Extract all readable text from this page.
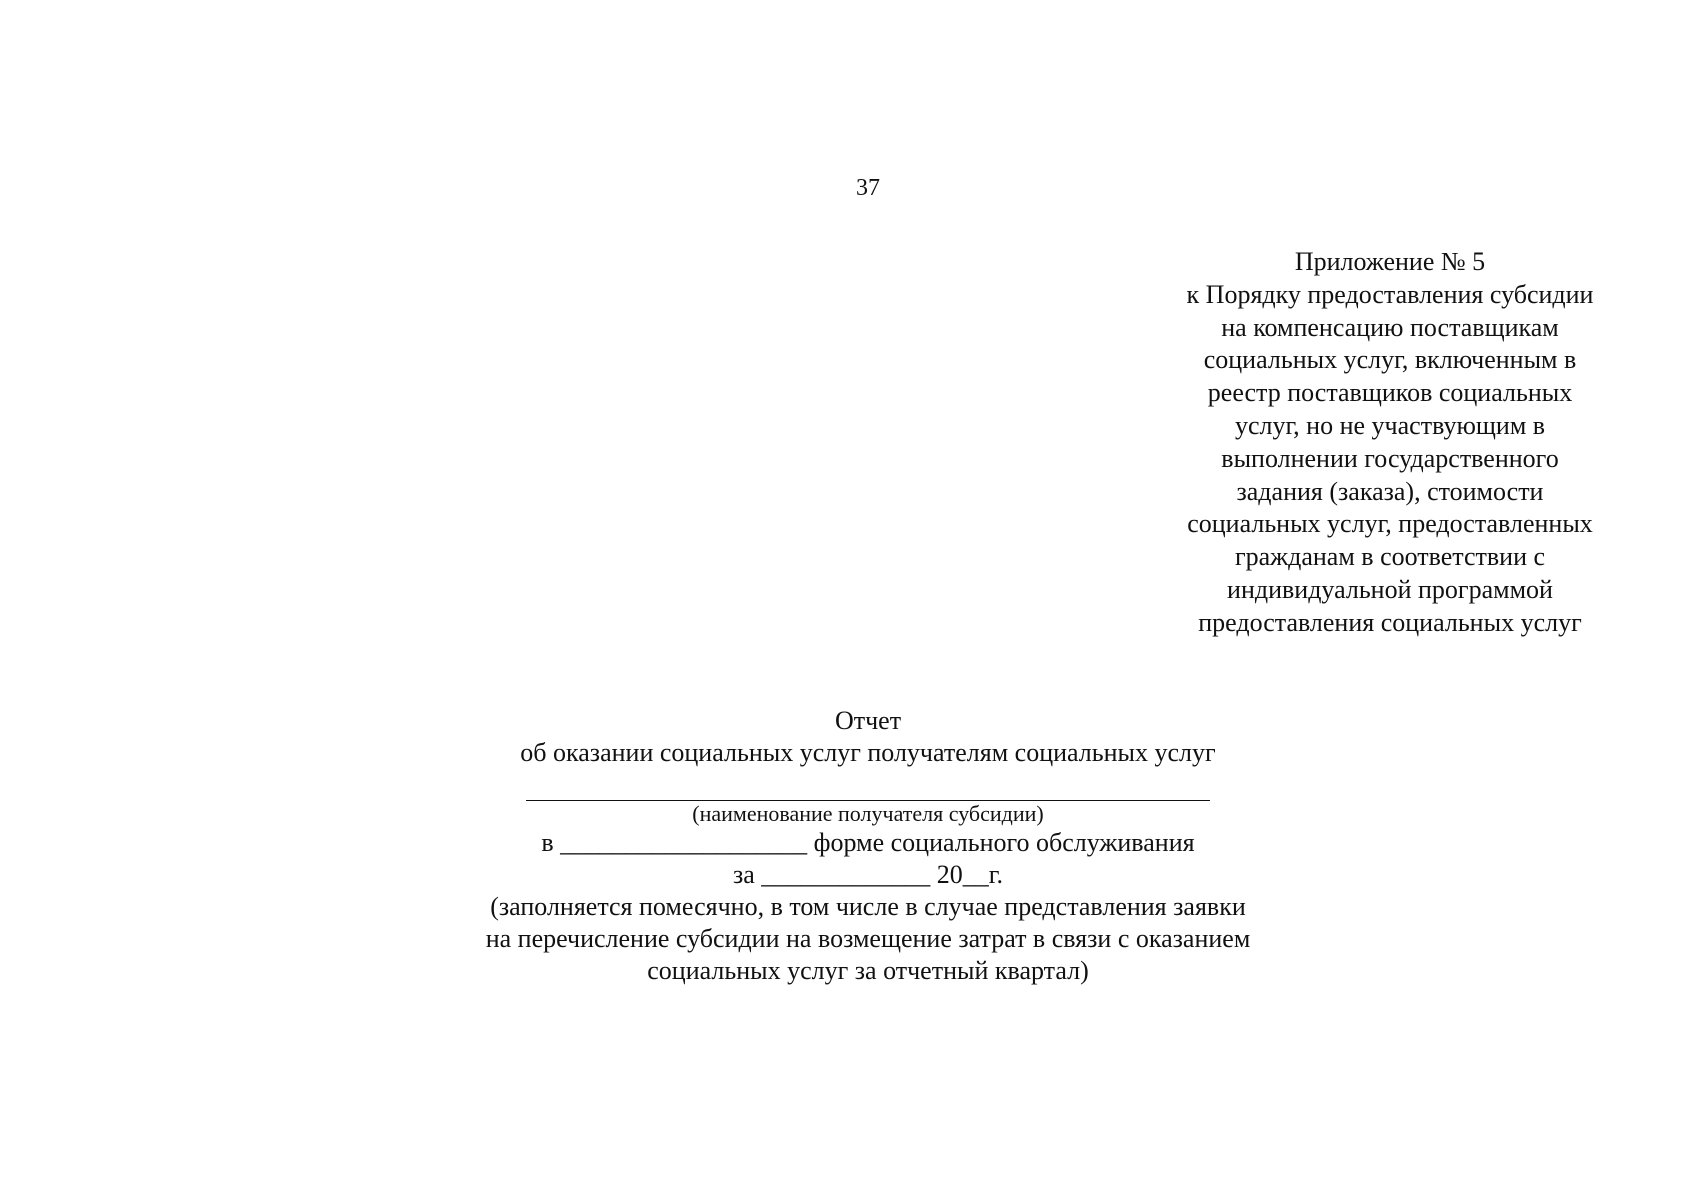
37
Приложение № 5
к Порядку предоставления субсидии
на компенсацию поставщикам
социальных услуг, включенным в
реестр поставщиков социальных
услуг, но не участвующим в
выполнении государственного
задания (заказа), стоимости
социальных услуг, предоставленных
гражданам в соответствии с
индивидуальной программой
предоставления социальных услуг
Отчет
об оказании социальных услуг получателям социальных услуг
(наименование получателя субсидии)
в ___________________ форме социального обслуживания
за _____________ 20__г.
(заполняется помесячно, в том числе в случае представления заявки
на перечисление субсидии на возмещение затрат в связи с оказанием
социальных услуг за отчетный квартал)
